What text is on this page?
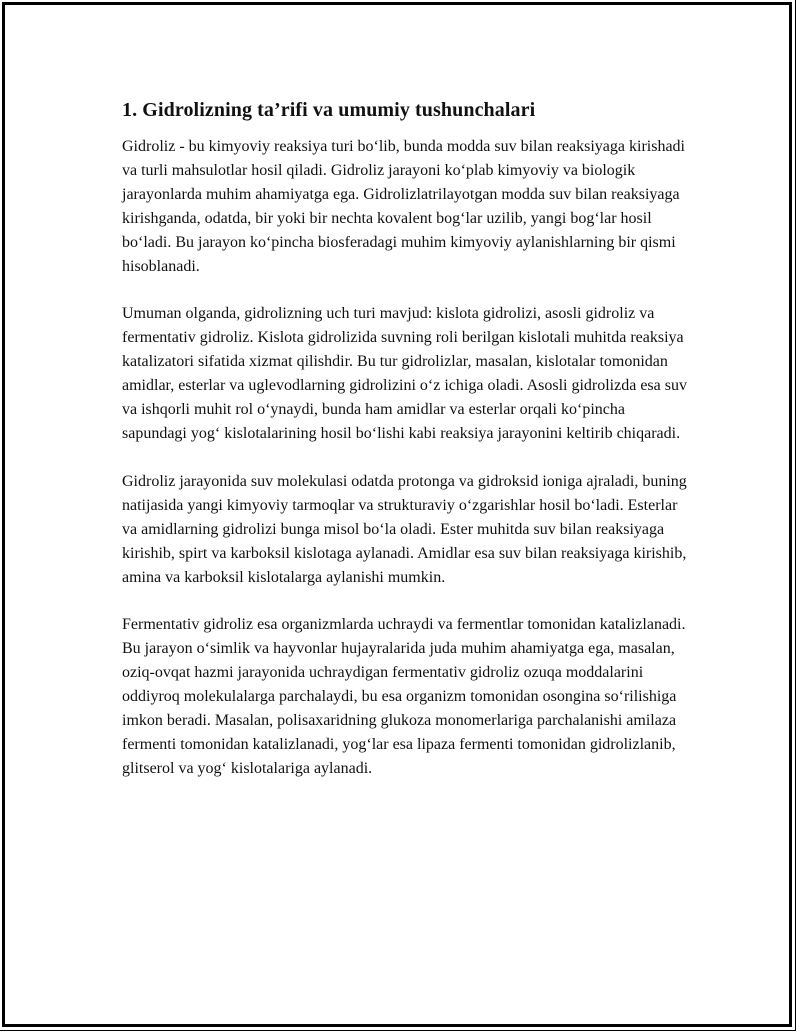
1. Gidrolizning ta’rifi va umumiy tushunchalari

Gidroliz - bu kimyoviy reaksiya turi boʻlib, bunda modda suv bilan reaksiyaga kirishadi va turli mahsulotlar hosil qiladi. Gidroliz jarayoni koʻplab kimyoviy va biologik jarayonlarda muhim ahamiyatga ega. Gidrolizlatrilayotgan modda suv bilan reaksiyaga kirishganda, odatda, bir yoki bir nechta kovalent bogʻlar uzilib, yangi bogʻlar hosil boʻladi. Bu jarayon koʻpincha biosferadagi muhim kimyoviy aylanishlarning bir qismi hisoblanadi.

Umuman olganda, gidrolizning uch turi mavjud: kislota gidrolizi, asosli gidroliz va fermentativ gidroliz. Kislota gidrolizida suvning roli berilgan kislotali muhitda reaksiya katalizatori sifatida xizmat qilishdir. Bu tur gidrolizlar, masalan, kislotalar tomonidan amidlar, esterlar va uglevodlarning gidrolizini oʻz ichiga oladi. Asosli gidrolizda esa suv va ishqorli muhit rol oʻynaydi, bunda ham amidlar va esterlar orqali koʻpincha sapundagi yogʻ kislotalarining hosil boʻlishi kabi reaksiya jarayonini keltirib chiqaradi.

Gidroliz jarayonida suv molekulasi odatda protonga va gidroksid ioniga ajraladi, buning natijasida yangi kimyoviy tarmoqlar va strukturaviy oʻzgarishlar hosil boʻladi. Esterlar va amidlarning gidrolizi bunga misol boʻla oladi. Ester muhitda suv bilan reaksiyaga kirishib, spirt va karboksil kislotaga aylanadi. Amidlar esa suv bilan reaksiyaga kirishib, amina va karboksil kislotalarga aylanishi mumkin.

Fermentativ gidroliz esa organizmlarda uchraydi va fermentlar tomonidan katalizlanadi. Bu jarayon oʻsimlik va hayvonlar hujayralarida juda muhim ahamiyatga ega, masalan, oziq-ovqat hazmi jarayonida uchraydigan fermentativ gidroliz ozuqa moddalarini oddiyroq molekulalarga parchalaydi, bu esa organizm tomonidan osongina soʻrilishiga imkon beradi. Masalan, polisaxaridning glukoza monomerlariga parchalanishi amilaza fermenti tomonidan katalizlanadi, yogʻlar esa lipaza fermenti tomonidan gidrolizlanib, glitserol va yogʻ kislotalariga aylanadi.
